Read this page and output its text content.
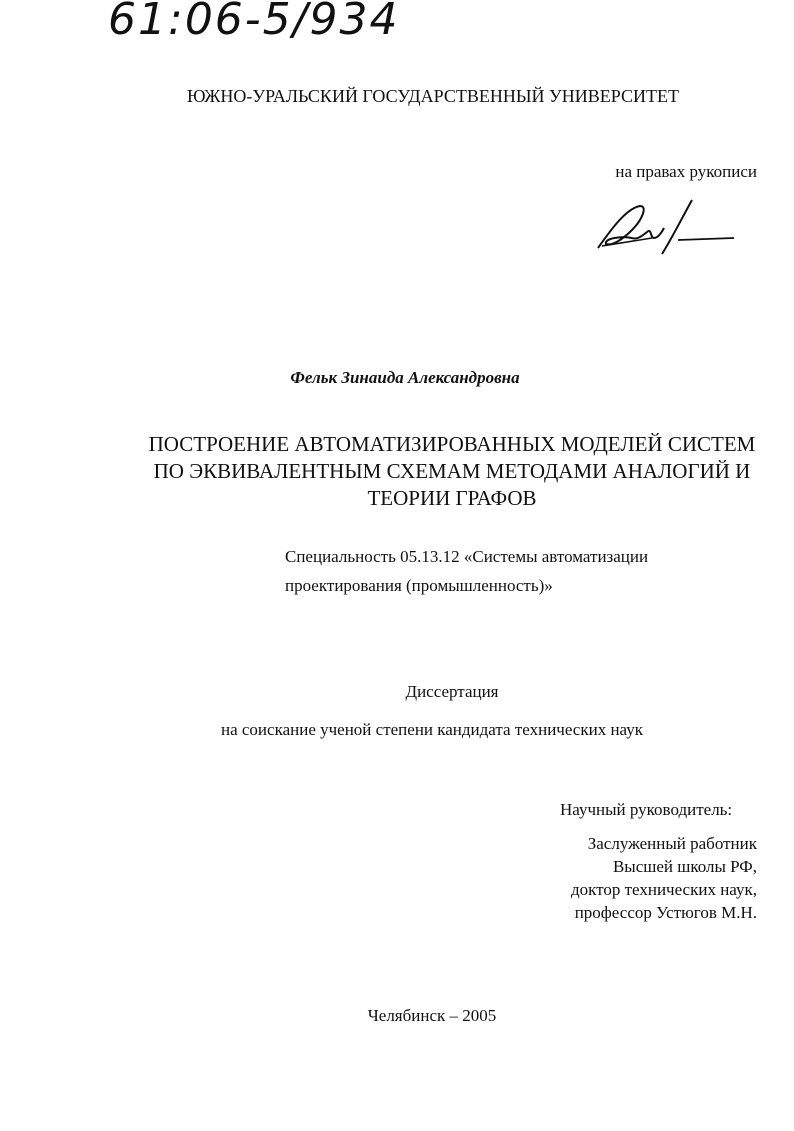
61:06-5/934
ЮЖНО-УРАЛЬСКИЙ ГОСУДАРСТВЕННЫЙ УНИВЕРСИТЕТ
на правах рукописи
Фельк Зинаида Александровна
ПОСТРОЕНИЕ АВТОМАТИЗИРОВАННЫХ МОДЕЛЕЙ СИСТЕМ
ПО ЭКВИВАЛЕНТНЫМ СХЕМАМ МЕТОДАМИ АНАЛОГИЙ И
ТЕОРИИ ГРАФОВ
Специальность 05.13.12 «Системы автоматизации
проектирования (промышленность)»
Диссертация
на соискание ученой степени кандидата технических наук
Научный руководитель:
Заслуженный работник
Высшей школы РФ,
доктор технических наук,
профессор Устюгов М.Н.
Челябинск – 2005
